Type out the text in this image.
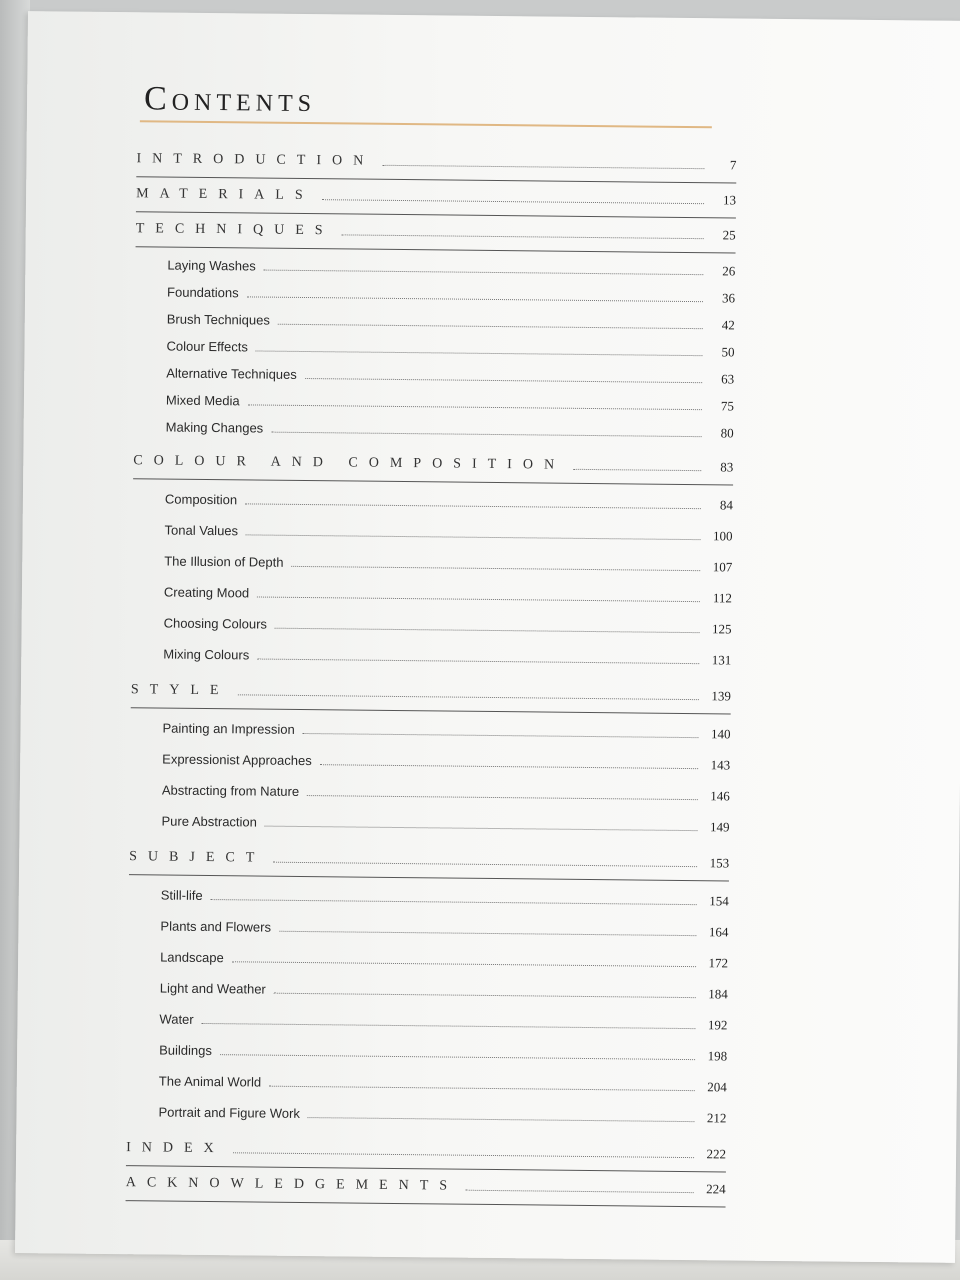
Contents
INTRODUCTION	7
MATERIALS	13
TECHNIQUES	25
Laying Washes	26
Foundations	36
Brush Techniques	42
Colour Effects	50
Alternative Techniques	63
Mixed Media	75
Making Changes	80
COLOUR AND COMPOSITION	83
Composition	84
Tonal Values	100
The Illusion of Depth	107
Creating Mood	112
Choosing Colours	125
Mixing Colours	131
STYLE	139
Painting an Impression	140
Expressionist Approaches	143
Abstracting from Nature	146
Pure Abstraction	149
SUBJECT	153
Still-life	154
Plants and Flowers	164
Landscape	172
Light and Weather	184
Water	192
Buildings	198
The Animal World	204
Portrait and Figure Work	212
INDEX	222
ACKNOWLEDGEMENTS	224
